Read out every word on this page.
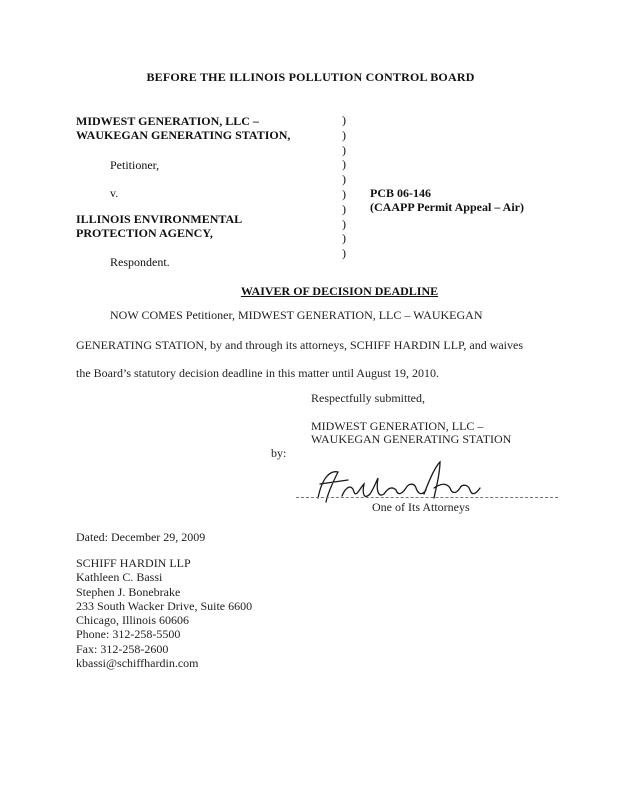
BEFORE THE ILLINOIS POLLUTION CONTROL BOARD
MIDWEST GENERATION, LLC –
WAUKEGAN GENERATING STATION,
Petitioner,
v.
ILLINOIS ENVIRONMENTAL
PROTECTION AGENCY,
Respondent.
)
)
)
)
)
)
)
)
)
)
PCB 06-146
(CAAPP Permit Appeal – Air)
WAIVER OF DECISION DEADLINE
NOW COMES Petitioner, MIDWEST GENERATION, LLC – WAUKEGAN
GENERATING STATION, by and through its attorneys, SCHIFF HARDIN LLP, and waives
the Board’s statutory decision deadline in this matter until August 19, 2010.
Respectfully submitted,
MIDWEST GENERATION, LLC –
WAUKEGAN GENERATING STATION
by:
One of Its Attorneys
Dated: December 29, 2009
SCHIFF HARDIN LLP
Kathleen C. Bassi
Stephen J. Bonebrake
233 South Wacker Drive, Suite 6600
Chicago, Illinois 60606
Phone: 312-258-5500
Fax: 312-258-2600
kbassi@schiffhardin.com
